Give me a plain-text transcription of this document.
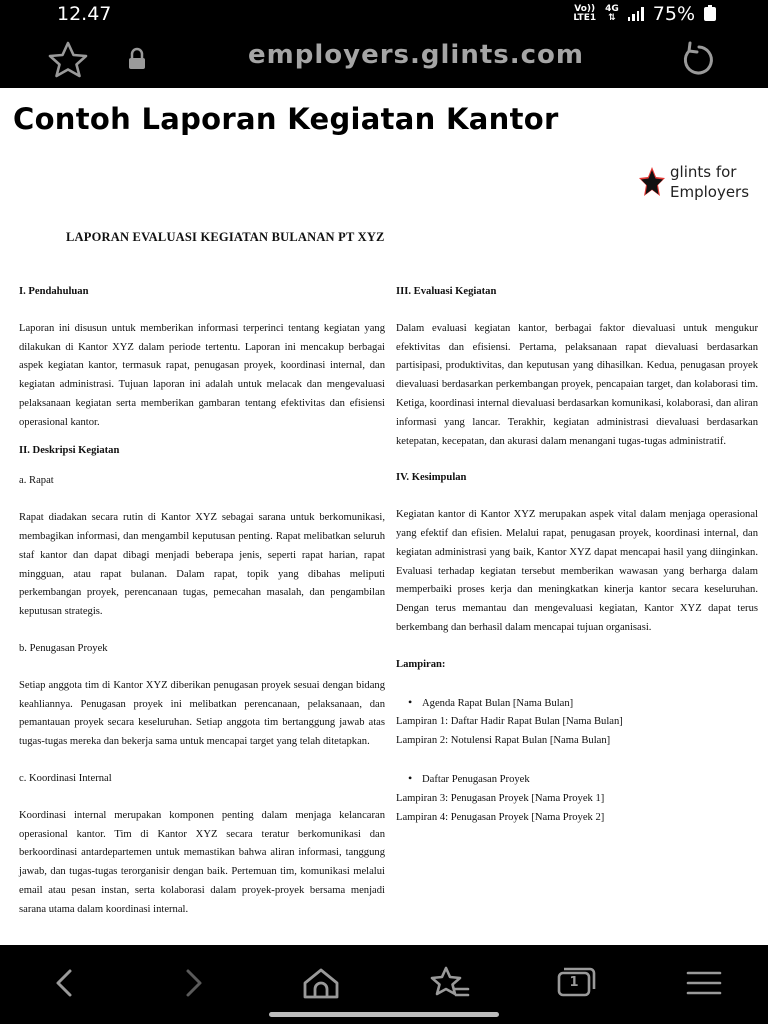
12.47	Vo))
LTE1
4G
⇅ 75%
employers.glints.com
Contoh Laporan Kegiatan Kantor
glints for
Employers
LAPORAN EVALUASI KEGIATAN BULANAN PT XYZ
I. Pendahuluan
Laporan ini disusun untuk memberikan informasi terperinci tentang kegiatan yang dilakukan di Kantor XYZ dalam periode tertentu. Laporan ini mencakup berbagai aspek kegiatan kantor, termasuk rapat, penugasan proyek, koordinasi internal, dan kegiatan administrasi. Tujuan laporan ini adalah untuk melacak dan mengevaluasi pelaksanaan kegiatan serta memberikan gambaran tentang efektivitas dan efisiensi operasional kantor.
II. Deskripsi Kegiatan
a. Rapat
Rapat diadakan secara rutin di Kantor XYZ sebagai sarana untuk berkomunikasi, membagikan informasi, dan mengambil keputusan penting. Rapat melibatkan seluruh staf kantor dan dapat dibagi menjadi beberapa jenis, seperti rapat harian, rapat mingguan, atau rapat bulanan. Dalam rapat, topik yang dibahas meliputi perkembangan proyek, perencanaan tugas, pemecahan masalah, dan pengambilan keputusan strategis.
b. Penugasan Proyek
Setiap anggota tim di Kantor XYZ diberikan penugasan proyek sesuai dengan bidang keahliannya. Penugasan proyek ini melibatkan perencanaan, pelaksanaan, dan pemantauan proyek secara keseluruhan. Setiap anggota tim bertanggung jawab atas tugas-tugas mereka dan bekerja sama untuk mencapai target yang telah ditetapkan.
c. Koordinasi Internal
Koordinasi internal merupakan komponen penting dalam menjaga kelancaran operasional kantor. Tim di Kantor XYZ secara teratur berkomunikasi dan berkoordinasi antardepartemen untuk memastikan bahwa aliran informasi, tanggung jawab, dan tugas-tugas terorganisir dengan baik. Pertemuan tim, komunikasi melalui email atau pesan instan, serta kolaborasi dalam proyek-proyek bersama menjadi sarana utama dalam koordinasi internal.
III. Evaluasi Kegiatan
Dalam evaluasi kegiatan kantor, berbagai faktor dievaluasi untuk mengukur efektivitas dan efisiensi. Pertama, pelaksanaan rapat dievaluasi berdasarkan partisipasi, produktivitas, dan keputusan yang dihasilkan. Kedua, penugasan proyek dievaluasi berdasarkan perkembangan proyek, pencapaian target, dan kolaborasi tim. Ketiga, koordinasi internal dievaluasi berdasarkan komunikasi, kolaborasi, dan aliran informasi yang lancar. Terakhir, kegiatan administrasi dievaluasi berdasarkan ketepatan, kecepatan, dan akurasi dalam menangani tugas-tugas administratif.
IV. Kesimpulan
Kegiatan kantor di Kantor XYZ merupakan aspek vital dalam menjaga operasional yang efektif dan efisien. Melalui rapat, penugasan proyek, koordinasi internal, dan kegiatan administrasi yang baik, Kantor XYZ dapat mencapai hasil yang diinginkan. Evaluasi terhadap kegiatan tersebut memberikan wawasan yang berharga dalam memperbaiki proses kerja dan meningkatkan kinerja kantor secara keseluruhan. Dengan terus memantau dan mengevaluasi kegiatan, Kantor XYZ dapat terus berkembang dan berhasil dalam mencapai tujuan organisasi.
Lampiran:
• Agenda Rapat Bulan [Nama Bulan]
Lampiran 1: Daftar Hadir Rapat Bulan [Nama Bulan]
Lampiran 2: Notulensi Rapat Bulan [Nama Bulan]
• Daftar Penugasan Proyek
Lampiran 3: Penugasan Proyek [Nama Proyek 1]
Lampiran 4: Penugasan Proyek [Nama Proyek 2]
1
